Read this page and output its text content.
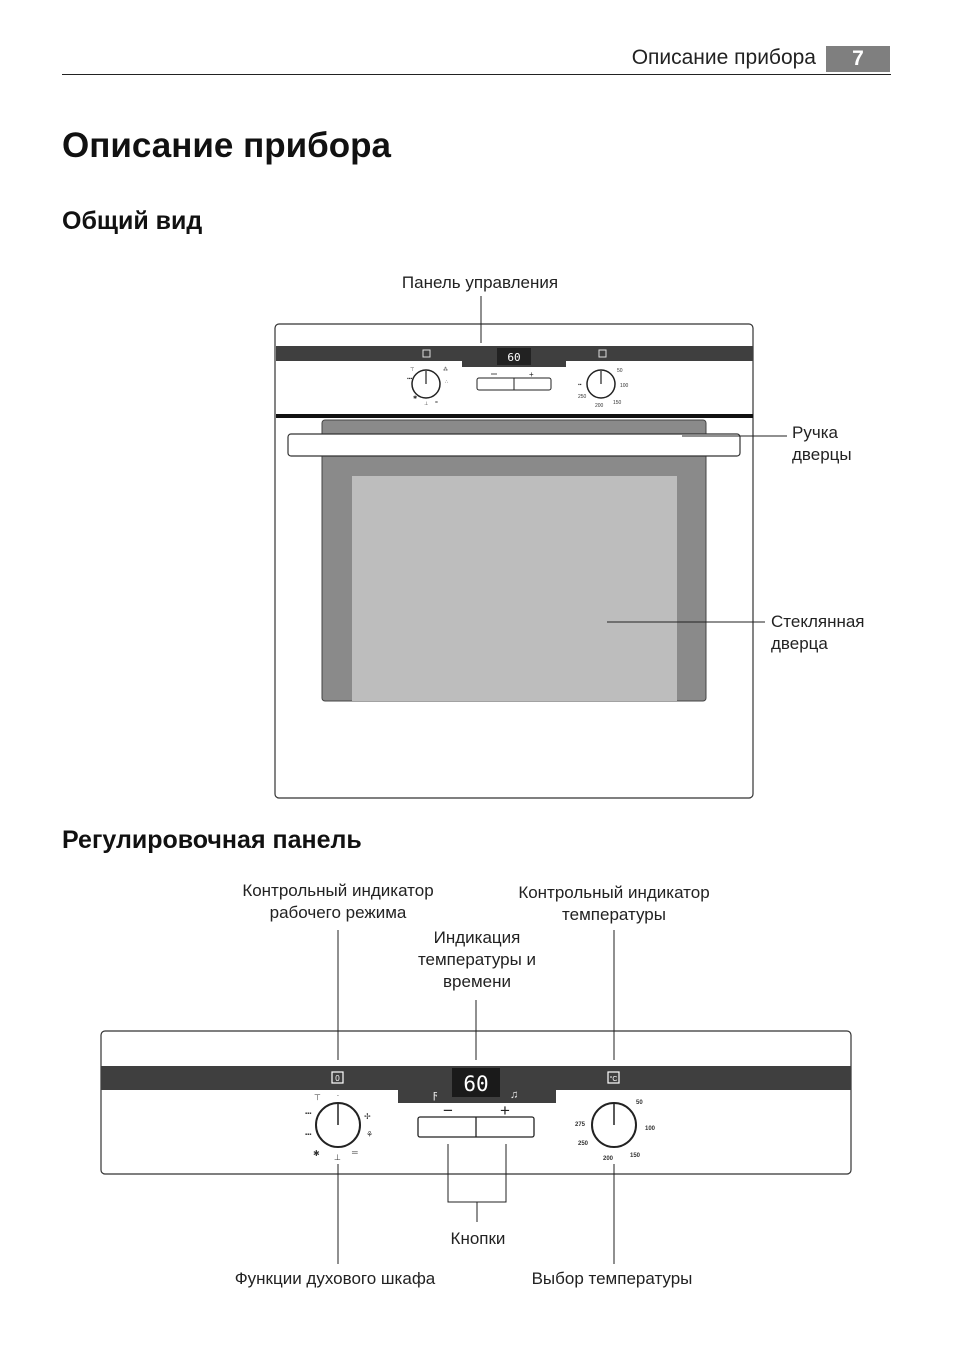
Описание прибора	7
Описание прибора
Общий вид
60
▪▪▪
⊤	⁂
∴
✱
⊥ =
▪▪
250
200 150
100
50
+
Панель управления
Ручка
дверцы
Стеклянная
дверца
Регулировочная панель
Контрольный индикатор
рабочего режима
Контрольный индикатор
температуры
Индикация
температуры и
времени
60
ϝ	♫
0	°C
⊤ ·
✢
⚘
▪▪▪
▪▪▪
✱ ⊥
═
50
100
150
200
250
275
−	+
Кнопки
Функции духового шкафа	Выбор температуры
